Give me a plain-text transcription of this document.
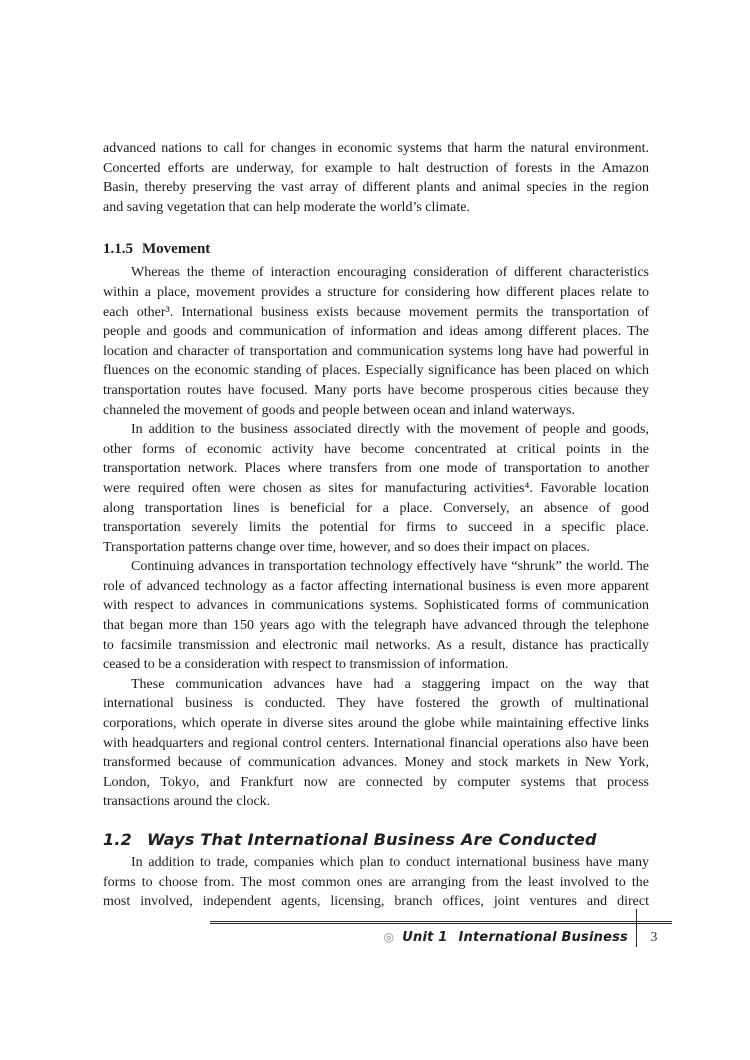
advanced nations to call for changes in economic systems that harm the natural environment.
Concerted efforts are underway, for example to halt destruction of forests in the Amazon
Basin, thereby preserving the vast array of different plants and animal species in the region
and saving vegetation that can help moderate the world’s climate.
1.1.5 Movement
Whereas the theme of interaction encouraging consideration of different characteristics
within a place, movement provides a structure for considering how different places relate to
each other³. International business exists because movement permits the transportation of
people and goods and communication of information and ideas among different places. The
location and character of transportation and communication systems long have had powerful in
fluences on the economic standing of places. Especially significance has been placed on which
transportation routes have focused. Many ports have become prosperous cities because they
channeled the movement of goods and people between ocean and inland waterways.
In addition to the business associated directly with the movement of people and goods,
other forms of economic activity have become concentrated at critical points in the
transportation network. Places where transfers from one mode of transportation to another
were required often were chosen as sites for manufacturing activities⁴. Favorable location
along transportation lines is beneficial for a place. Conversely, an absence of good
transportation severely limits the potential for firms to succeed in a specific place.
Transportation patterns change over time, however, and so does their impact on places.
Continuing advances in transportation technology effectively have “shrunk” the world. The
role of advanced technology as a factor affecting international business is even more apparent
with respect to advances in communications systems. Sophisticated forms of communication
that began more than 150 years ago with the telegraph have advanced through the telephone
to facsimile transmission and electronic mail networks. As a result, distance has practically
ceased to be a consideration with respect to transmission of information.
These communication advances have had a staggering impact on the way that
international business is conducted. They have fostered the growth of multinational
corporations, which operate in diverse sites around the globe while maintaining effective links
with headquarters and regional control centers. International financial operations also have been
transformed because of communication advances. Money and stock markets in New York,
London, Tokyo, and Frankfurt now are connected by computer systems that process
transactions around the clock.
1.2 Ways That International Business Are Conducted
In addition to trade, companies which plan to conduct international business have many
forms to choose from. The most common ones are arranging from the least involved to the
most involved, independent agents, licensing, branch offices, joint ventures and direct
◎ Unit 1 International Business	3
